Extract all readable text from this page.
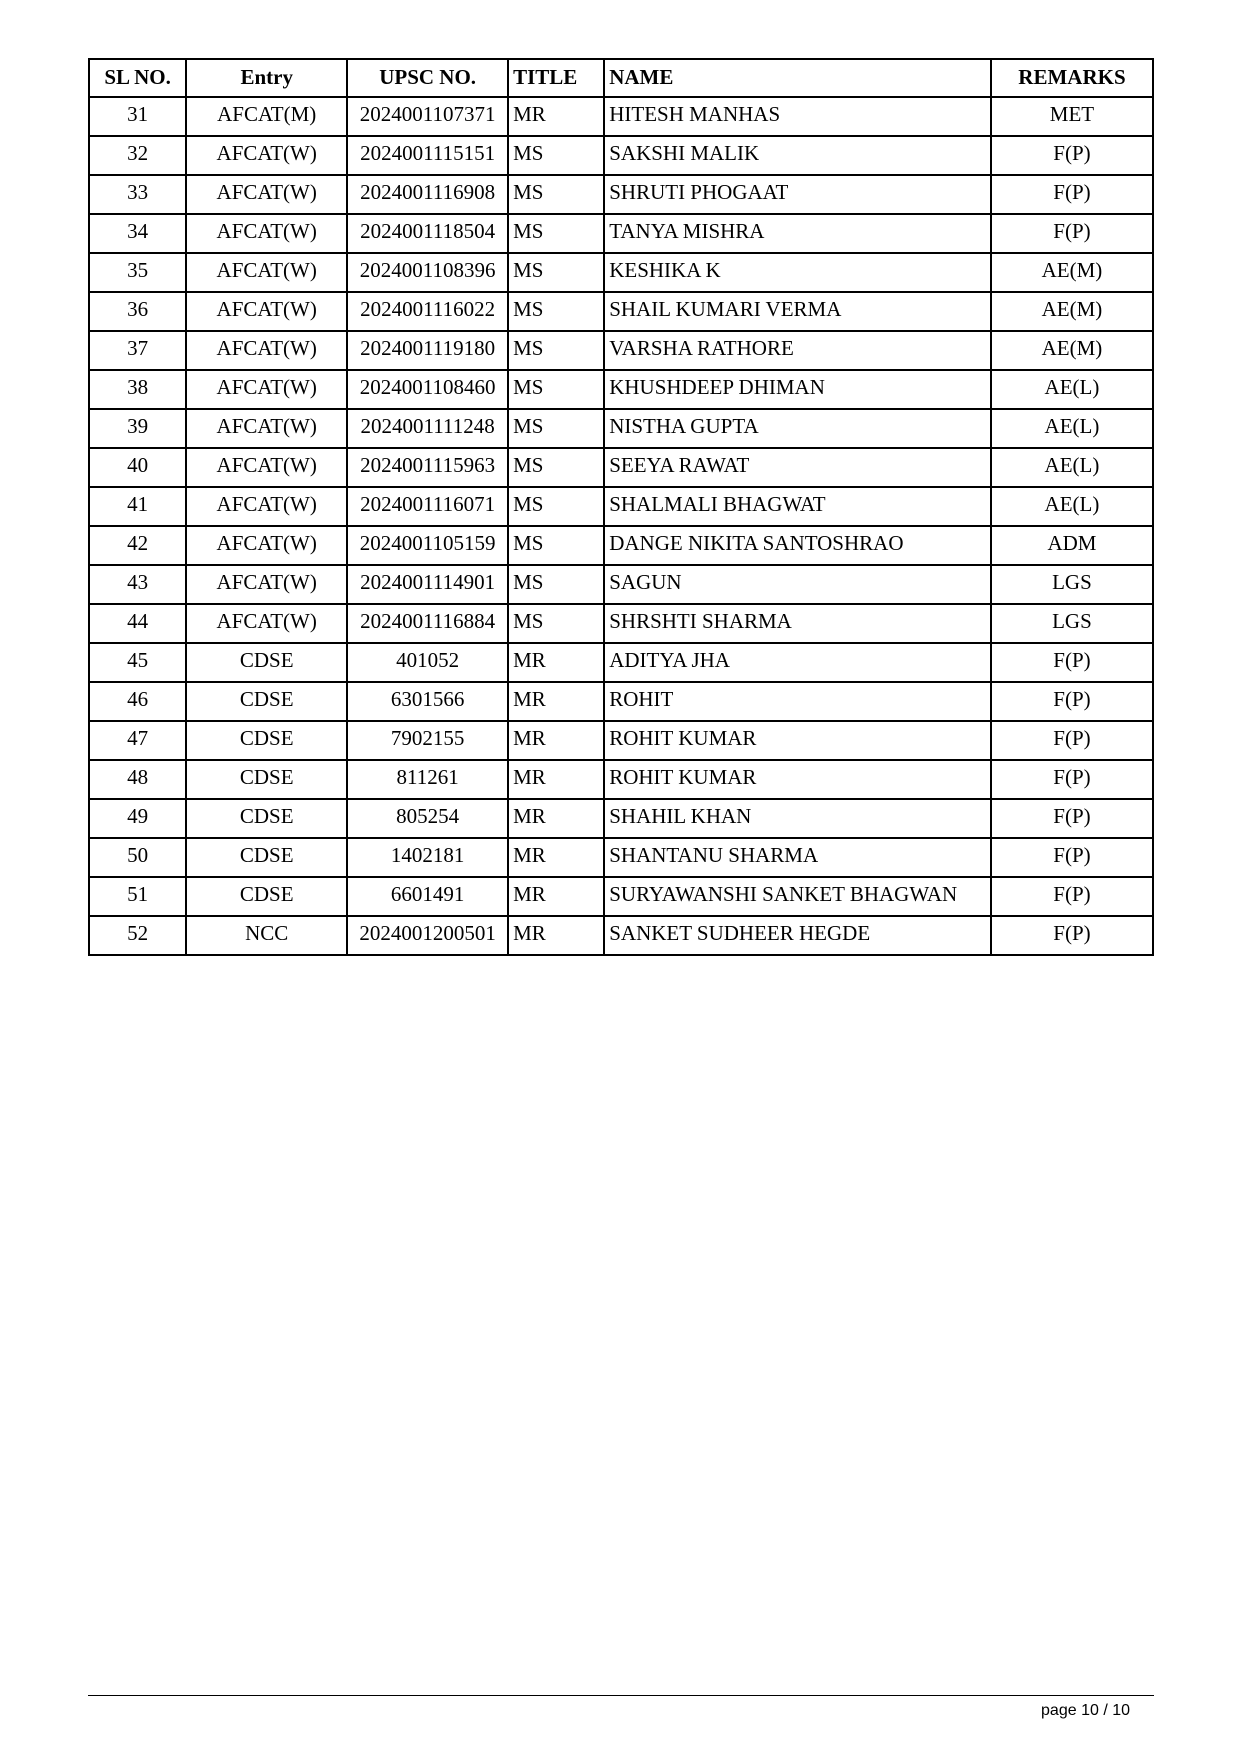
SL NO.	Entry	UPSC NO.	TITLE	NAME	REMARKS
31	AFCAT(M)	2024001107371	MR	HITESH MANHAS	MET
32	AFCAT(W)	2024001115151	MS	SAKSHI MALIK	F(P)
33	AFCAT(W)	2024001116908	MS	SHRUTI PHOGAAT	F(P)
34	AFCAT(W)	2024001118504	MS	TANYA MISHRA	F(P)
35	AFCAT(W)	2024001108396	MS	KESHIKA K	AE(M)
36	AFCAT(W)	2024001116022	MS	SHAIL KUMARI VERMA	AE(M)
37	AFCAT(W)	2024001119180	MS	VARSHA RATHORE	AE(M)
38	AFCAT(W)	2024001108460	MS	KHUSHDEEP DHIMAN	AE(L)
39	AFCAT(W)	2024001111248	MS	NISTHA GUPTA	AE(L)
40	AFCAT(W)	2024001115963	MS	SEEYA RAWAT	AE(L)
41	AFCAT(W)	2024001116071	MS	SHALMALI BHAGWAT	AE(L)
42	AFCAT(W)	2024001105159	MS	DANGE NIKITA SANTOSHRAO	ADM
43	AFCAT(W)	2024001114901	MS	SAGUN	LGS
44	AFCAT(W)	2024001116884	MS	SHRSHTI SHARMA	LGS
45	CDSE	401052	MR	ADITYA JHA	F(P)
46	CDSE	6301566	MR	ROHIT	F(P)
47	CDSE	7902155	MR	ROHIT KUMAR	F(P)
48	CDSE	811261	MR	ROHIT KUMAR	F(P)
49	CDSE	805254	MR	SHAHIL KHAN	F(P)
50	CDSE	1402181	MR	SHANTANU SHARMA	F(P)
51	CDSE	6601491	MR	SURYAWANSHI SANKET BHAGWAN	F(P)
52	NCC	2024001200501	MR	SANKET SUDHEER HEGDE	F(P)
page 10 / 10
